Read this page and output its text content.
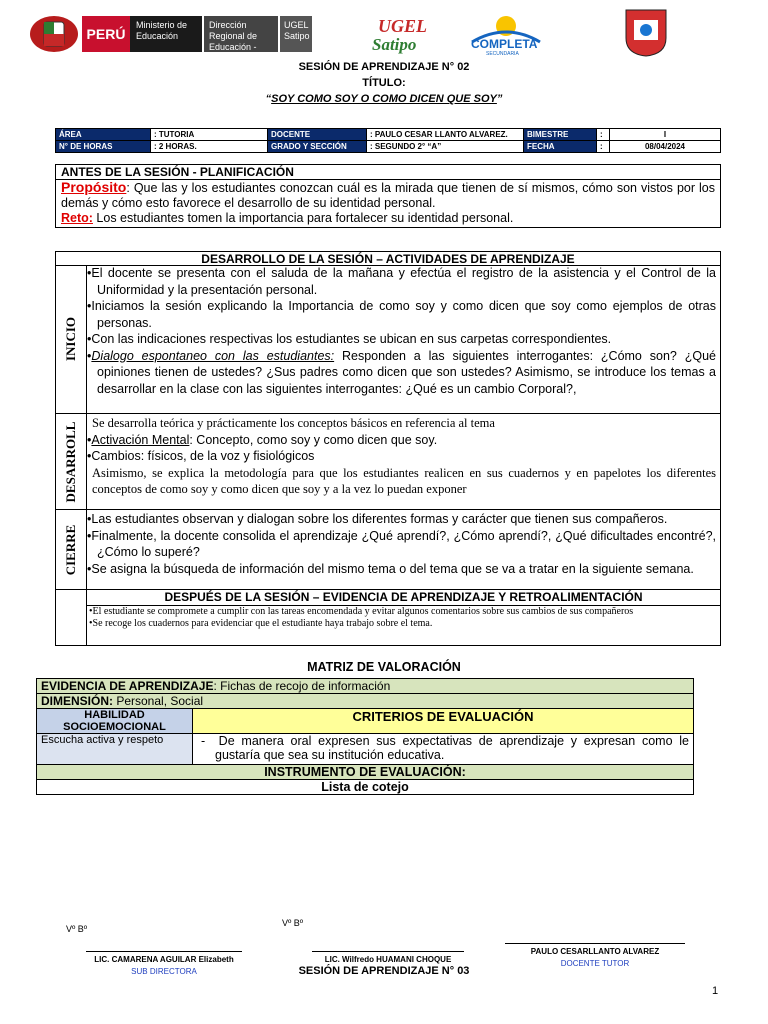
PERÚ
Ministerio de Educación
Dirección Regional de Educación - Junín
UGEL Satipo	UGEL
Satipo	COMPLETA
SECUNDARIA
SESIÓN DE APRENDIZAJE N° 02
TÍTULO:
“SOY COMO SOY O COMO DICEN QUE SOY”
ÁREA	: TUTORIA	DOCENTE	: PAULO CESAR LLANTO ALVAREZ.	BIMESTRE	:	I
N° DE HORAS	: 2 HORAS.	GRADO Y SECCIÓN	: SEGUNDO 2° “A”	FECHA	:	08/04/2024
ANTES DE LA SESIÓN - PLANIFICACIÓN

Propósito: Que las y los estudiantes conozcan cuál es la mirada que tienen de sí mismos, cómo son vistos por los demás y cómo esto favorece el desarrollo de su identidad personal.

Reto: Los estudiantes tomen la importancia para fortalecer su identidad personal.

DESARROLLO DE LA SESIÓN – ACTIVIDADES DE APRENDIZAJE
INICIO
•El docente se presenta con el saluda de la mañana y efectúa el registro de la asistencia y el Control de la Uniformidad y la presentación personal.
•Iniciamos la sesión explicando la Importancia de como soy y como dicen que soy como ejemplos de otras personas.
•Con las indicaciones respectivas los estudiantes se ubican en sus carpetas correspondientes.
•Dialogo espontaneo con las estudiantes: Responden a las siguientes interrogantes: ¿Cómo son? ¿Qué opiniones tienen de ustedes? ¿Sus padres como dicen que son ustedes? Asimismo, se introduce los temas a desarrollar en la clase con las siguientes interrogantes: ¿Qué es un cambio Corporal?,
DESARROLL	Se desarrolla teórica y prácticamente los conceptos básicos en referencia al tema
•Activación Mental: Concepto, como soy y como dicen que soy.
•Cambios: físicos, de la voz y fisiológicos
Asimismo, se explica la metodología para que los estudiantes realicen en sus cuadernos y en papelotes los diferentes conceptos de como soy y como dicen que soy y a la vez lo puedan exponer
CIERRE
•Las estudiantes observan y dialogan sobre los diferentes formas y carácter que tienen sus compañeros.
•Finalmente, la docente consolida el aprendizaje ¿Qué aprendí?, ¿Cómo aprendí?, ¿Qué dificultades encontré?, ¿Cómo lo superé?
•Se asigna la búsqueda de información del mismo tema o del tema que se va a tratar en la siguiente semana.
DESPUÉS DE LA SESIÓN – EVIDENCIA DE APRENDIZAJE Y RETROALIMENTACIÓN
•El estudiante se compromete a cumplir con las tareas encomendada y evitar algunos comentarios sobre sus cambios de sus compañeros
•Se recoge los cuadernos para evidenciar que el estudiante haya trabajo sobre el tema.
MATRIZ DE VALORACIÓN
EVIDENCIA DE APRENDIZAJE: Fichas de recojo de información	
DIMENSIÓN: Personal, Social	
HABILIDAD SOCIOEMOCIONAL	CRITERIOS DE EVALUACIÓN
Escucha activa y respeto	-  De manera oral expresen sus expectativas de aprendizaje y expresan como le gustaría que sea su institución educativa.
INSTRUMENTO DE EVALUACIÓN:	
Lista de cotejo	
Vº Bº
Vº Bº
LIC. CAMARENA AGUILAR Elizabeth
SUB DIRECTORA
LIC. Wilfredo HUAMANI CHOQUE
PAULO CESARLLANTO ALVAREZ
DOCENTE TUTOR
SESIÓN DE APRENDIZAJE N° 03
1
